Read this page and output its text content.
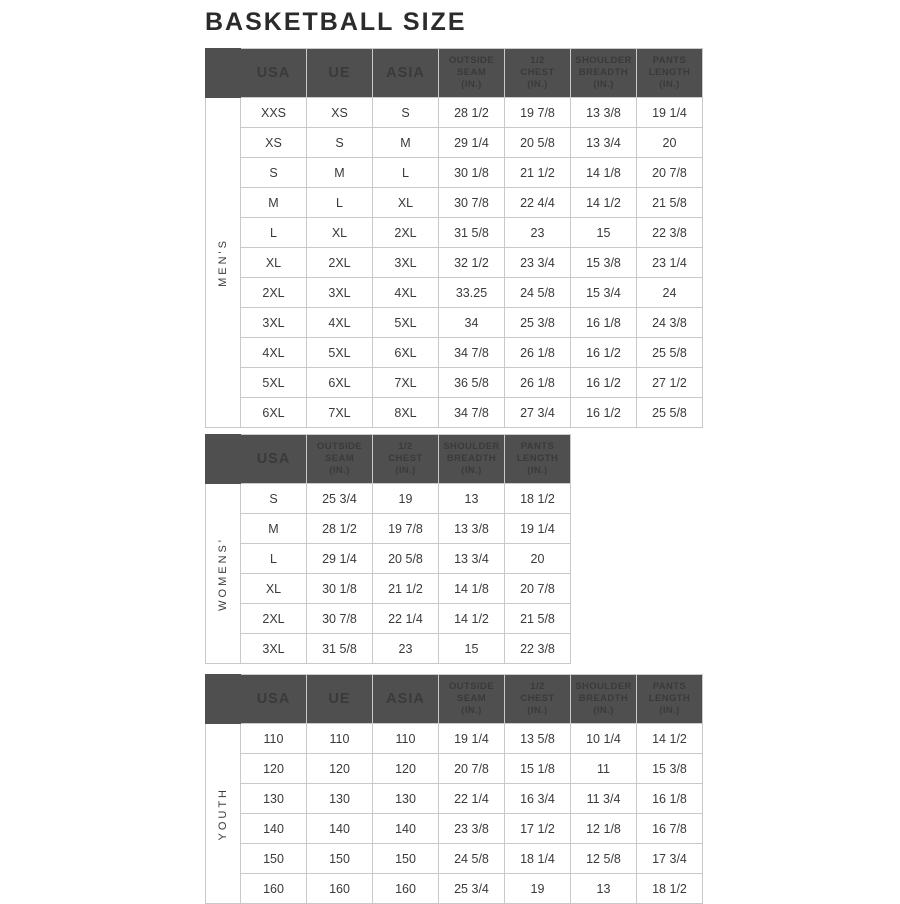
BASKETBALL SIZE
	USA	UE	ASIA	OUTSIDE
SEAM
(IN.)	1/2
CHEST
(IN.)	SHOULDER
BREADTH
(IN.)	PANTS
LENGTH
(IN.)

MEN'S	XXS	XS	S	28 1/2	19 7/8	13 3/8	19 1/4
	XS	S	M	29 1/4	20 5/8	13 3/4	20
	S	M	L	30 1/8	21 1/2	14 1/8	20 7/8
	M	L	XL	30 7/8	22 4/4	14 1/2	21 5/8
	L	XL	2XL	31 5/8	23	15	22 3/8
	XL	2XL	3XL	32 1/2	23 3/4	15 3/8	23 1/4
	2XL	3XL	4XL	33.25	24 5/8	15 3/4	24
	3XL	4XL	5XL	34	25 3/8	16 1/8	24 3/8
	4XL	5XL	6XL	34 7/8	26 1/8	16 1/2	25 5/8
	5XL	6XL	7XL	36 5/8	26 1/8	16 1/2	27 1/2
	6XL	7XL	8XL	34 7/8	27 3/4	16 1/2	25 5/8
	USA	OUTSIDE
SEAM
(IN.)	1/2
CHEST
(IN.)	SHOULDER
BREADTH
(IN.)	PANTS
LENGTH
(IN.)

WOMENS'	S	25 3/4	19	13	18 1/2
	M	28 1/2	19 7/8	13 3/8	19 1/4
	L	29 1/4	20 5/8	13 3/4	20
	XL	30 1/8	21 1/2	14 1/8	20 7/8
	2XL	30 7/8	22 1/4	14 1/2	21 5/8
	3XL	31 5/8	23	15	22 3/8
	USA	UE	ASIA	OUTSIDE
SEAM
(IN.)	1/2
CHEST
(IN.)	SHOULDER
BREADTH
(IN.)	PANTS
LENGTH
(IN.)

YOUTH	110	110	110	19 1/4	13 5/8	10 1/4	14 1/2
	120	120	120	20 7/8	15 1/8	11	15 3/8
	130	130	130	22 1/4	16 3/4	11 3/4	16 1/8
	140	140	140	23 3/8	17 1/2	12 1/8	16 7/8
	150	150	150	24 5/8	18 1/4	12 5/8	17 3/4
	160	160	160	25 3/4	19	13	18 1/2
